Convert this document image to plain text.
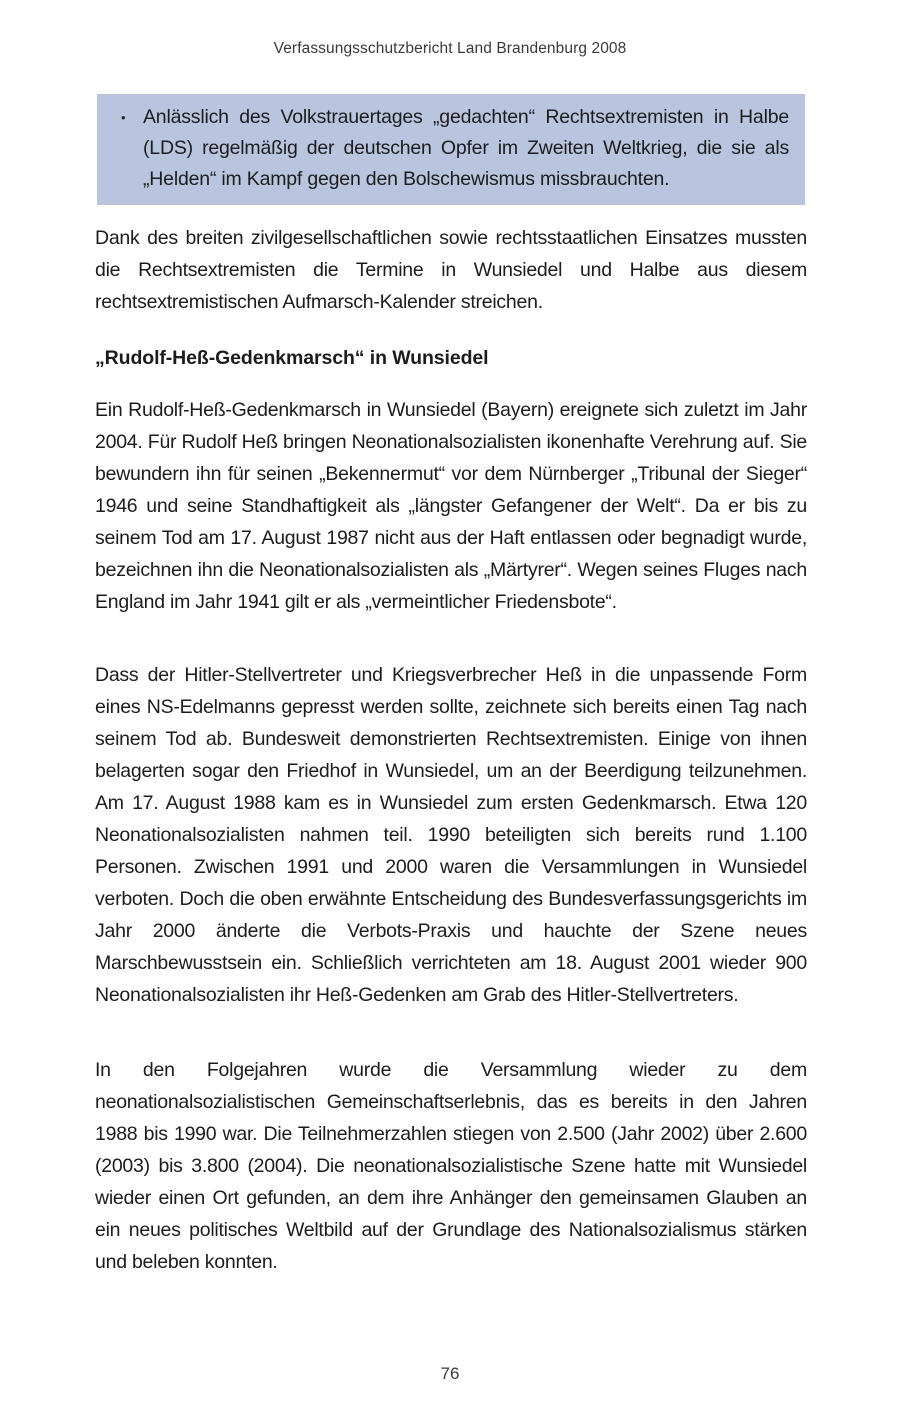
Verfassungsschutzbericht Land Brandenburg 2008
• Anlässlich des Volkstrauertages „gedachten“ Rechtsextremisten in Halbe (LDS) regelmäßig der deutschen Opfer im Zweiten Weltkrieg, die sie als „Helden“ im Kampf gegen den Bolschewismus missbrauchten.

Dank des breiten zivilgesellschaftlichen sowie rechtsstaatlichen Einsatzes mussten die Rechtsextremisten die Termine in Wunsiedel und Halbe aus diesem rechtsextremistischen Aufmarsch-Kalender streichen.

„Rudolf-Heß-Gedenkmarsch“ in Wunsiedel

Ein Rudolf-Heß-Gedenkmarsch in Wunsiedel (Bayern) ereignete sich zuletzt im Jahr 2004. Für Rudolf Heß bringen Neonationalsozialisten ikonenhafte Verehrung auf. Sie bewundern ihn für seinen „Bekennermut“ vor dem Nürnberger „Tribunal der Sieger“ 1946 und seine Standhaftigkeit als „längster Gefangener der Welt“. Da er bis zu seinem Tod am 17. August 1987 nicht aus der Haft entlassen oder begnadigt wurde, bezeichnen ihn die Neonationalsozialisten als „Märtyrer“. Wegen seines Fluges nach England im Jahr 1941 gilt er als „vermeintlicher Friedensbote“.

Dass der Hitler-Stellvertreter und Kriegsverbrecher Heß in die unpassende Form eines NS-Edelmanns gepresst werden sollte, zeichnete sich bereits einen Tag nach seinem Tod ab. Bundesweit demonstrierten Rechtsextremisten. Einige von ihnen belagerten sogar den Friedhof in Wunsiedel, um an der Beerdigung teilzunehmen. Am 17. August 1988 kam es in Wunsiedel zum ersten Gedenkmarsch. Etwa 120 Neonationalsozialisten nahmen teil. 1990 beteiligten sich bereits rund 1.100 Personen. Zwischen 1991 und 2000 waren die Versammlungen in Wunsiedel verboten. Doch die oben erwähnte Entscheidung des Bundesverfassungsgerichts im Jahr 2000 änderte die Verbots-Praxis und hauchte der Szene neues Marschbewusstsein ein. Schließlich verrichteten am 18. August 2001 wieder 900 Neonationalsozialisten ihr Heß-Gedenken am Grab des Hitler-Stellvertreters.

In den Folgejahren wurde die Versammlung wieder zu dem neonationalsozialistischen Gemeinschaftserlebnis, das es bereits in den Jahren 1988 bis 1990 war. Die Teilnehmerzahlen stiegen von 2.500 (Jahr 2002) über 2.600 (2003) bis 3.800 (2004). Die neonationalsozialistische Szene hatte mit Wunsiedel wieder einen Ort gefunden, an dem ihre Anhänger den gemeinsamen Glauben an ein neues politisches Weltbild auf der Grundlage des Nationalsozialismus stärken und beleben konnten.

76
